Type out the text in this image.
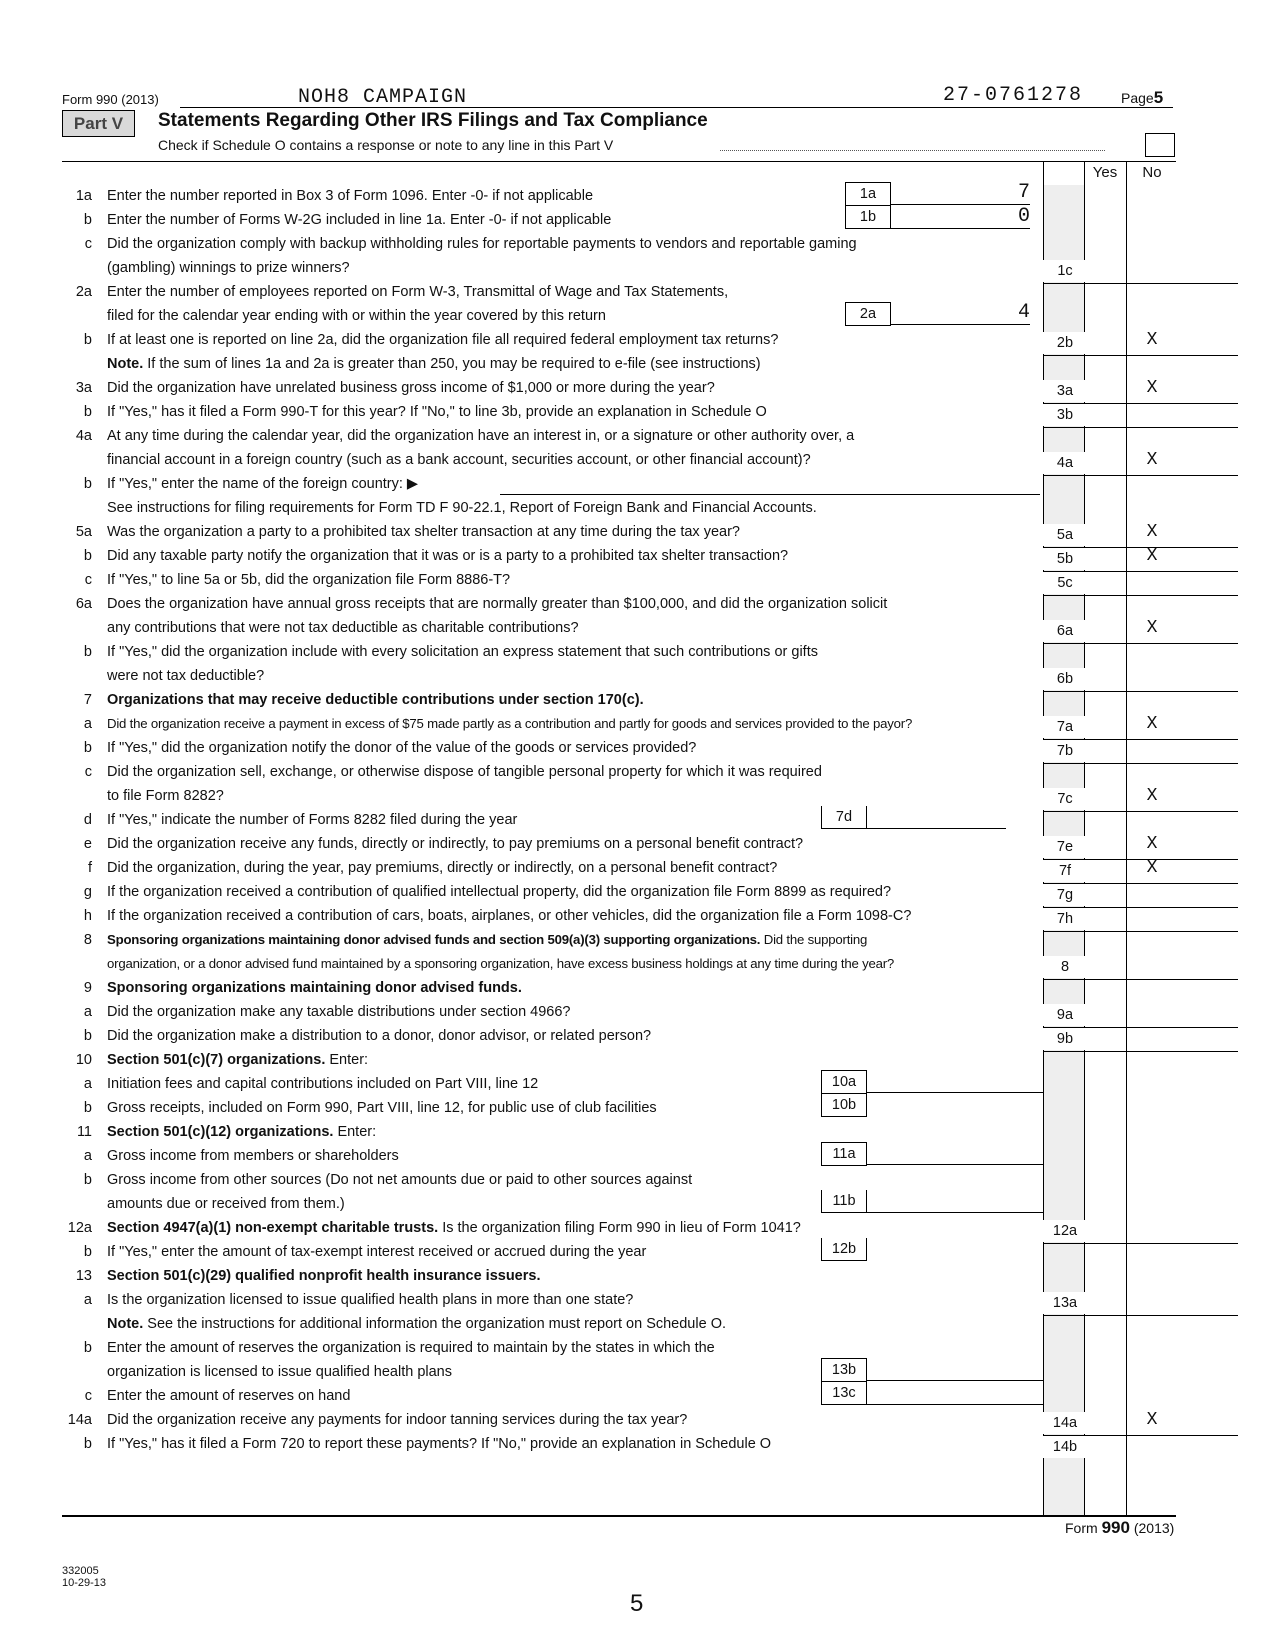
Form 990 (2013)	NOH8 CAMPAIGN	27-0761278	Page5
Part V	Statements Regarding Other IRS Filings and Tax Compliance
Check if Schedule O contains a response or note to any line in this Part V
Yes	No
1a Enter the number reported in Box 3 of Form 1096. Enter -0- if not applicable	1a	7
b Enter the number of Forms W-2G included in line 1a. Enter -0- if not applicable	1b	0
c Did the organization comply with backup withholding rules for reportable payments to vendors and reportable gaming
(gambling) winnings to prize winners?	1c
2a Enter the number of employees reported on Form W-3, Transmittal of Wage and Tax Statements,
filed for the calendar year ending with or within the year covered by this return	2a	4
b If at least one is reported on line 2a, did the organization file all required federal employment tax returns?	2b	X
Note. If the sum of lines 1a and 2a is greater than 250, you may be required to e-file (see instructions)
3a Did the organization have unrelated business gross income of $1,000 or more during the year?	3a	X
b If "Yes," has it filed a Form 990-T for this year? If "No," to line 3b, provide an explanation in Schedule O	3b
4a At any time during the calendar year, did the organization have an interest in, or a signature or other authority over, a
financial account in a foreign country (such as a bank account, securities account, or other financial account)?	4a	X
b If "Yes," enter the name of the foreign country: ▶
See instructions for filing requirements for Form TD F 90-22.1, Report of Foreign Bank and Financial Accounts.
5a Was the organization a party to a prohibited tax shelter transaction at any time during the tax year?	5a	X
b Did any taxable party notify the organization that it was or is a party to a prohibited tax shelter transaction?	5b	X
c If "Yes," to line 5a or 5b, did the organization file Form 8886-T?	5c
6a Does the organization have annual gross receipts that are normally greater than $100,000, and did the organization solicit
any contributions that were not tax deductible as charitable contributions?	6a	X
b If "Yes," did the organization include with every solicitation an express statement that such contributions or gifts
were not tax deductible?	6b
7 Organizations that may receive deductible contributions under section 170(c).
a Did the organization receive a payment in excess of $75 made partly as a contribution and partly for goods and services provided to the payor?	7a	X
b If "Yes," did the organization notify the donor of the value of the goods or services provided?	7b
c Did the organization sell, exchange, or otherwise dispose of tangible personal property for which it was required
to file Form 8282?	7c	X
d If "Yes," indicate the number of Forms 8282 filed during the year	7d
e Did the organization receive any funds, directly or indirectly, to pay premiums on a personal benefit contract?	7e	X
f Did the organization, during the year, pay premiums, directly or indirectly, on a personal benefit contract?	7f	X
g If the organization received a contribution of qualified intellectual property, did the organization file Form 8899 as required?	7g
h If the organization received a contribution of cars, boats, airplanes, or other vehicles, did the organization file a Form 1098-C?	7h
8 Sponsoring organizations maintaining donor advised funds and section 509(a)(3) supporting organizations. Did the supporting
organization, or a donor advised fund maintained by a sponsoring organization, have excess business holdings at any time during the year?	8
9 Sponsoring organizations maintaining donor advised funds.
a Did the organization make any taxable distributions under section 4966?	9a
b Did the organization make a distribution to a donor, donor advisor, or related person?	9b
10 Section 501(c)(7) organizations. Enter:
a Initiation fees and capital contributions included on Part VIII, line 12	10a
b Gross receipts, included on Form 990, Part VIII, line 12, for public use of club facilities	10b
11 Section 501(c)(12) organizations. Enter:
a Gross income from members or shareholders	11a
b Gross income from other sources (Do not net amounts due or paid to other sources against
amounts due or received from them.)	11b
12a Section 4947(a)(1) non-exempt charitable trusts. Is the organization filing Form 990 in lieu of Form 1041?	12a
b If "Yes," enter the amount of tax-exempt interest received or accrued during the year	12b
13 Section 501(c)(29) qualified nonprofit health insurance issuers.
a Is the organization licensed to issue qualified health plans in more than one state?	13a
Note. See the instructions for additional information the organization must report on Schedule O.
b Enter the amount of reserves the organization is required to maintain by the states in which the
organization is licensed to issue qualified health plans	13b
c Enter the amount of reserves on hand	13c
14a Did the organization receive any payments for indoor tanning services during the tax year?	14a	X
b If "Yes," has it filed a Form 720 to report these payments? If "No," provide an explanation in Schedule O	14b
Form 990 (2013)
332005
10-29-13
5
